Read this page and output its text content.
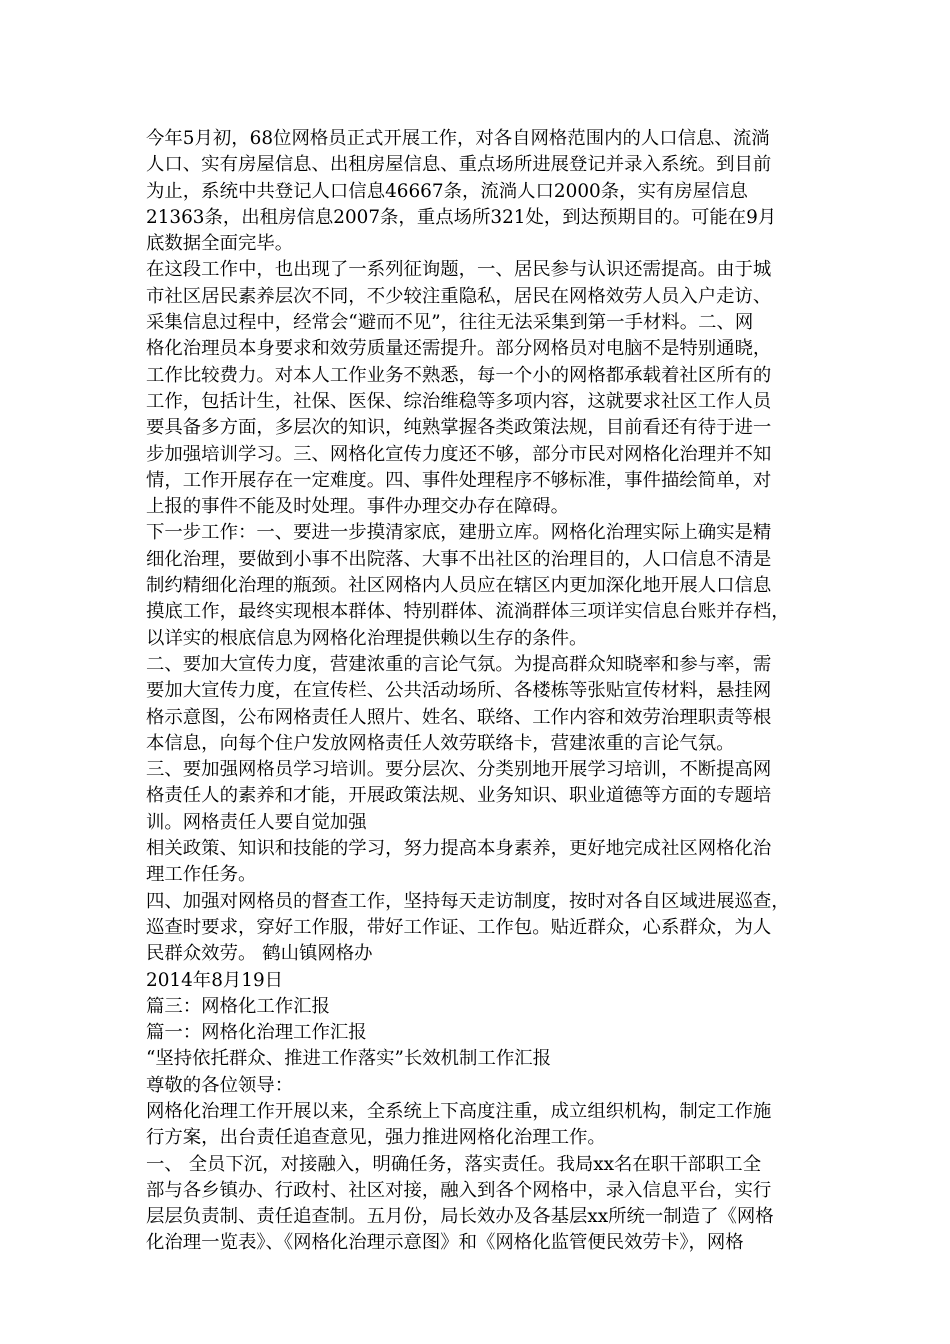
今年5月初，68位网格员正式开展工作，对各自网格范围内的人口信息、流淌
人口、实有房屋信息、出租房屋信息、重点场所进展登记并录入系统。到目前
为止，系统中共登记人口信息46667条，流淌人口2000条，实有房屋信息
21363条，出租房信息2007条，重点场所321处，到达预期目的。可能在9月
底数据全面完毕。
在这段工作中，也出现了一系列征询题，一、居民参与认识还需提高。由于城
市社区居民素养层次不同，不少较注重隐私，居民在网格效劳人员入户走访、
采集信息过程中，经常会“避而不见”，往往无法采集到第一手材料。二、网
格化治理员本身要求和效劳质量还需提升。部分网格员对电脑不是特别通晓，
工作比较费力。对本人工作业务不熟悉，每一个小的网格都承载着社区所有的
工作，包括计生，社保、医保、综治维稳等多项内容，这就要求社区工作人员
要具备多方面，多层次的知识，纯熟掌握各类政策法规，目前看还有待于进一
步加强培训学习。三、网格化宣传力度还不够，部分市民对网格化治理并不知
情，工作开展存在一定难度。四、事件处理程序不够标准，事件描绘简单，对
上报的事件不能及时处理。事件办理交办存在障碍。
下一步工作：一、要进一步摸清家底，建册立库。网格化治理实际上确实是精
细化治理，要做到小事不出院落、大事不出社区的治理目的，人口信息不清是
制约精细化治理的瓶颈。社区网格内人员应在辖区内更加深化地开展人口信息
摸底工作，最终实现根本群体、特别群体、流淌群体三项详实信息台账并存档，
以详实的根底信息为网格化治理提供赖以生存的条件。
二、要加大宣传力度，营建浓重的言论气氛。为提高群众知晓率和参与率，需
要加大宣传力度，在宣传栏、公共活动场所、各楼栋等张贴宣传材料，悬挂网
格示意图，公布网格责任人照片、姓名、联络、工作内容和效劳治理职责等根
本信息，向每个住户发放网格责任人效劳联络卡，营建浓重的言论气氛。
三、要加强网格员学习培训。要分层次、分类别地开展学习培训，不断提高网
格责任人的素养和才能，开展政策法规、业务知识、职业道德等方面的专题培
训。网格责任人要自觉加强
相关政策、知识和技能的学习，努力提高本身素养，更好地完成社区网格化治
理工作任务。
四、加强对网格员的督查工作，坚持每天走访制度，按时对各自区域进展巡查，
巡查时要求，穿好工作服，带好工作证、工作包。贴近群众，心系群众，为人
民群众效劳。 鹤山镇网格办
2014年8月19日
篇三：网格化工作汇报
篇一：网格化治理工作汇报
“坚持依托群众、推进工作落实”长效机制工作汇报
尊敬的各位领导：
网格化治理工作开展以来，全系统上下高度注重，成立组织机构，制定工作施
行方案，出台责任追查意见，强力推进网格化治理工作。
一、 全员下沉，对接融入，明确任务，落实责任。我局xx名在职干部职工全
部与各乡镇办、行政村、社区对接，融入到各个网格中，录入信息平台，实行
层层负责制、责任追查制。五月份，局长效办及各基层xx所统一制造了《网格
化治理一览表》、《网格化治理示意图》和《网格化监管便民效劳卡》，网格
